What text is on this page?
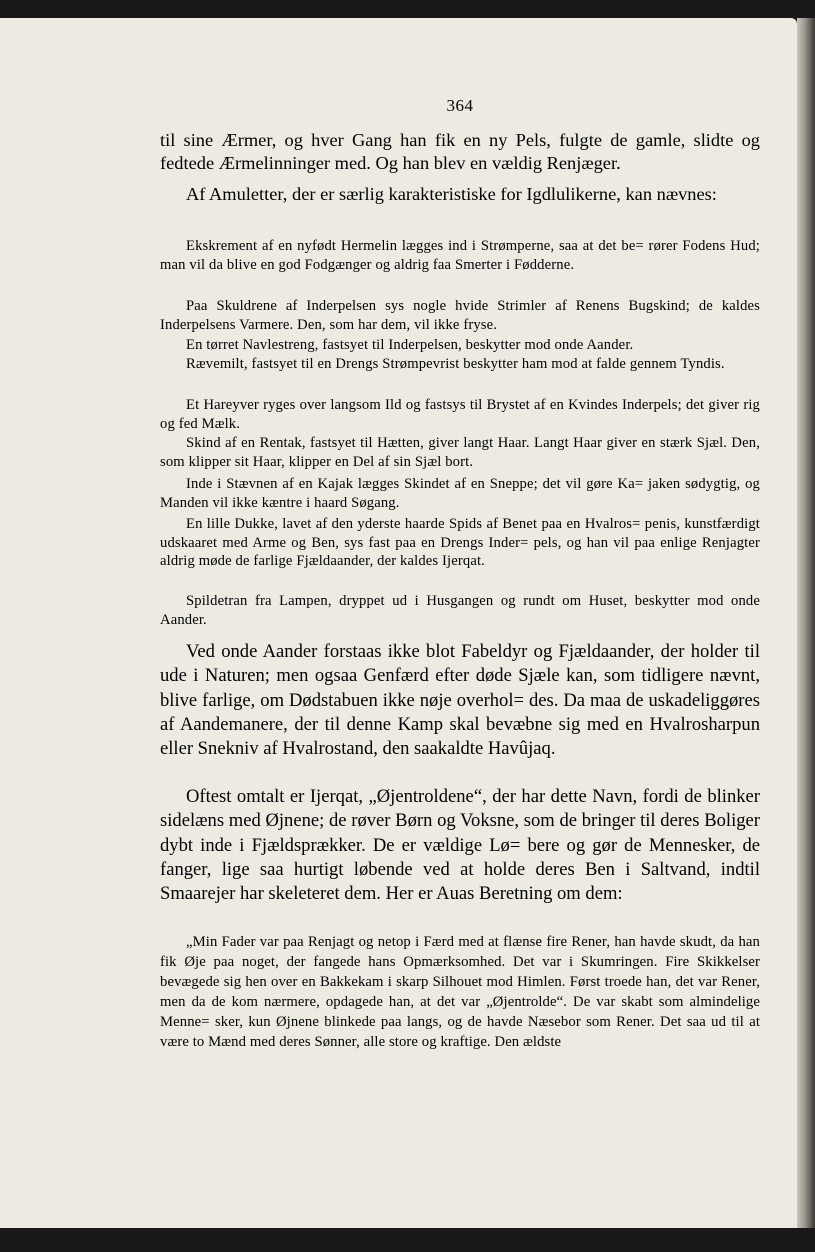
364

til sine Ærmer, og hver Gang han fik en ny Pels, fulgte de gamle, slidte og fedtede Ærmelinninger med. Og han blev en vældig Renjæger.

Af Amuletter, der er særlig karakteristiske for Igdlulikerne, kan nævnes:

Ekskrement af en nyfødt Hermelin lægges ind i Strømperne, saa at det be= rører Fodens Hud; man vil da blive en god Fodgænger og aldrig faa Smerter i Fødderne.

Paa Skuldrene af Inderpelsen sys nogle hvide Strimler af Renens Bugskind; de kaldes Inderpelsens Varmere. Den, som har dem, vil ikke fryse.

En tørret Navlestreng, fastsyet til Inderpelsen, beskytter mod onde Aander.

Rævemilt, fastsyet til en Drengs Strømpevrist beskytter ham mod at falde gennem Tyndis.

Et Hareyver ryges over langsom Ild og fastsys til Brystet af en Kvindes Inderpels; det giver rig og fed Mælk.

Skind af en Rentak, fastsyet til Hætten, giver langt Haar. Langt Haar giver en stærk Sjæl. Den, som klipper sit Haar, klipper en Del af sin Sjæl bort.

Inde i Stævnen af en Kajak lægges Skindet af en Sneppe; det vil gøre Ka= jaken sødygtig, og Manden vil ikke kæntre i haard Søgang.

En lille Dukke, lavet af den yderste haarde Spids af Benet paa en Hvalros= penis, kunstfærdigt udskaaret med Arme og Ben, sys fast paa en Drengs Inder= pels, og han vil paa enlige Renjagter aldrig møde de farlige Fjældaander, der kaldes Ijerqat.

Spildetran fra Lampen, dryppet ud i Husgangen og rundt om Huset, beskytter mod onde Aander.

Ved onde Aander forstaas ikke blot Fabeldyr og Fjældaander, der holder til ude i Naturen; men ogsaa Genfærd efter døde Sjæle kan, som tidligere nævnt, blive farlige, om Dødstabuen ikke nøje overhol= des. Da maa de uskadeliggøres af Aandemanere, der til denne Kamp skal bevæbne sig med en Hvalrosharpun eller Snekniv af Hvalrostand, den saakaldte Havûjaq.

Oftest omtalt er Ijerqat, „Øjentroldene“, der har dette Navn, fordi de blinker sidelæns med Øjnene; de røver Børn og Voksne, som de bringer til deres Boliger dybt inde i Fjældsprækker. De er vældige Lø= bere og gør de Mennesker, de fanger, lige saa hurtigt løbende ved at holde deres Ben i Saltvand, indtil Smaarejer har skeleteret dem. Her er Auas Beretning om dem:

„Min Fader var paa Renjagt og netop i Færd med at flænse fire Rener, han havde skudt, da han fik Øje paa noget, der fangede hans Opmærksomhed. Det var i Skumringen. Fire Skikkelser bevægede sig hen over en Bakkekam i skarp Silhouet mod Himlen. Først troede han, det var Rener, men da de kom nærmere, opdagede han, at det var „Øjentrolde“. De var skabt som almindelige Menne= sker, kun Øjnene blinkede paa langs, og de havde Næsebor som Rener. Det saa ud til at være to Mænd med deres Sønner, alle store og kraftige. Den ældste
